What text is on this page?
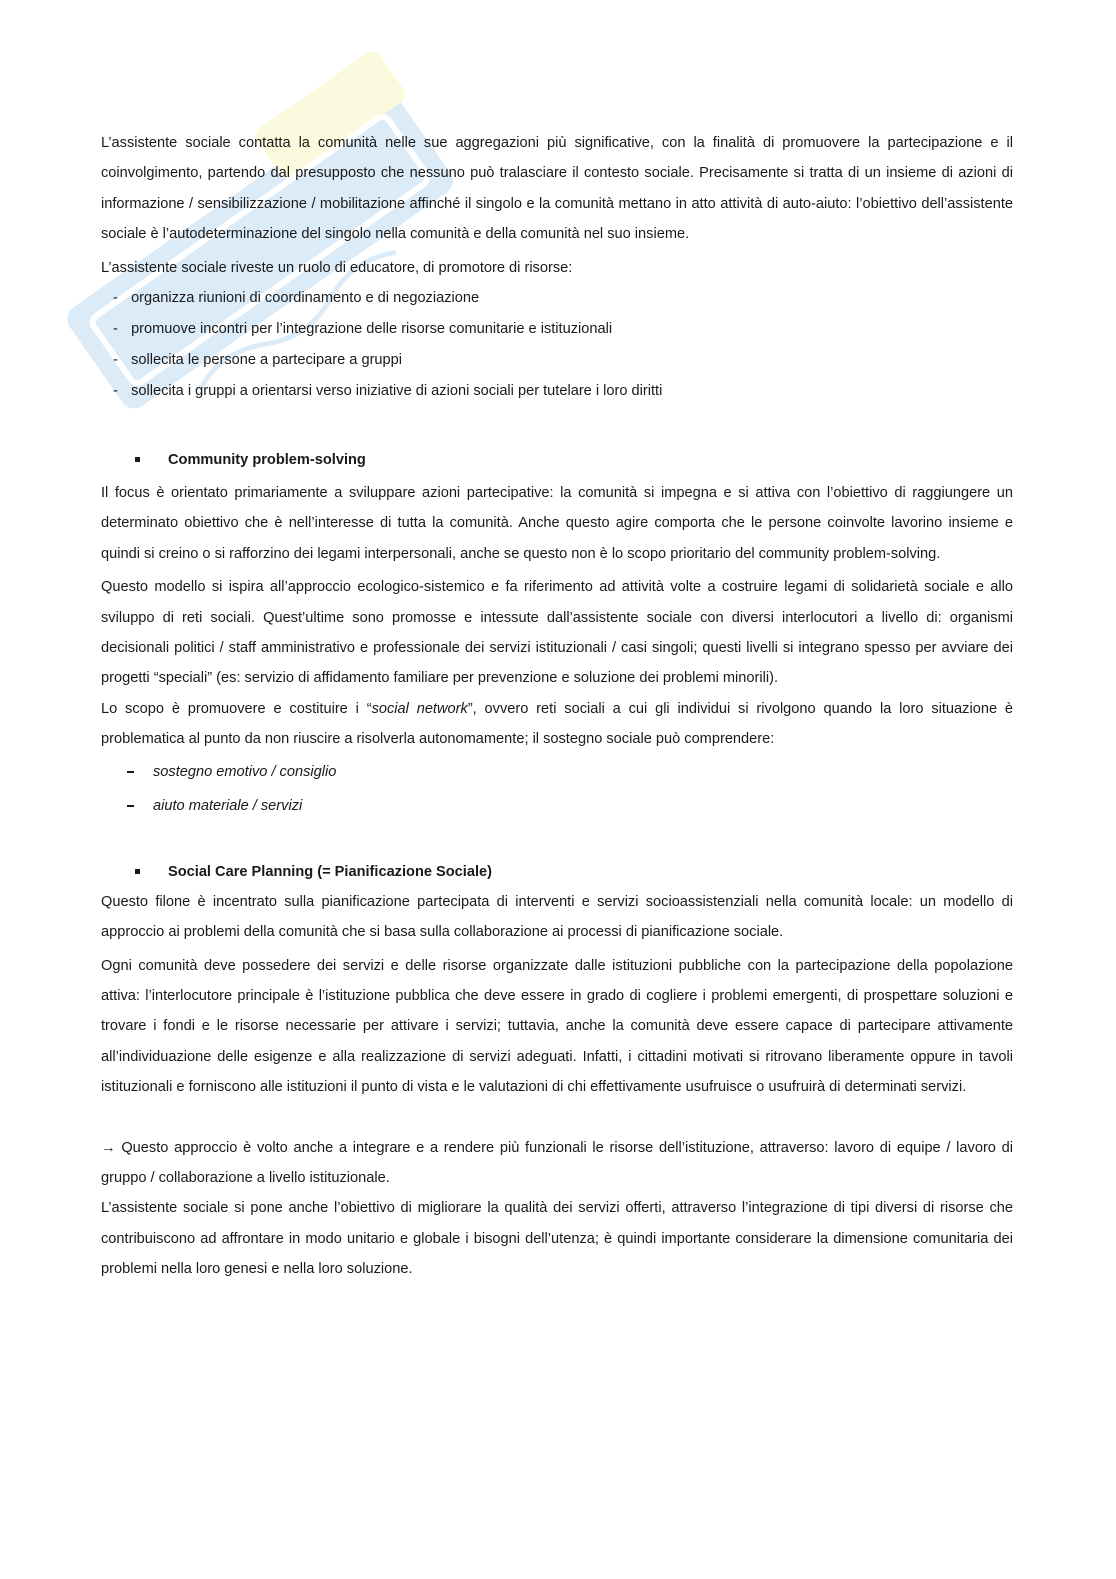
L’assistente sociale contatta la comunità nelle sue aggregazioni più significative, con la finalità di promuovere la partecipazione e il coinvolgimento, partendo dal presupposto che nessuno può tralasciare il contesto sociale. Precisamente si tratta di un insieme di azioni di informazione / sensibilizzazione / mobilitazione affinché il singolo e la comunità mettano in atto attività di auto-aiuto: l’obiettivo dell’assistente sociale è l’autodeterminazione del singolo nella comunità e della comunità nel suo insieme.

L’assistente sociale riveste un ruolo di educatore, di promotore di risorse:

- organizza riunioni di coordinamento e di negoziazione
- promuove incontri per l’integrazione delle risorse comunitarie e istituzionali
- sollecita le persone a partecipare a gruppi
- sollecita i gruppi a orientarsi verso iniziative di azioni sociali per tutelare i loro diritti

Community problem-solving

Il focus è orientato primariamente a sviluppare azioni partecipative: la comunità si impegna e si attiva con l’obiettivo di raggiungere un determinato obiettivo che è nell’interesse di tutta la comunità. Anche questo agire comporta che le persone coinvolte lavorino insieme e quindi si creino o si rafforzino dei legami interpersonali, anche se questo non è lo scopo prioritario del community problem-solving.

Questo modello si ispira all’approccio ecologico-sistemico e fa riferimento ad attività volte a costruire legami di solidarietà sociale e allo sviluppo di reti sociali. Quest’ultime sono promosse e intessute dall’assistente sociale con diversi interlocutori a livello di: organismi decisionali politici / staff amministrativo e professionale dei servizi istituzionali / casi singoli; questi livelli si integrano spesso per avviare dei progetti “speciali” (es: servizio di affidamento familiare per prevenzione e soluzione dei problemi minorili).

Lo scopo è promuovere e costituire i “social network”, ovvero reti sociali a cui gli individui si rivolgono quando la loro situazione è problematica al punto da non riuscire a risolverla autonomamente; il sostegno sociale può comprendere:

sostegno emotivo / consiglio
aiuto materiale / servizi

Social Care Planning (= Pianificazione Sociale)

Questo filone è incentrato sulla pianificazione partecipata di interventi e servizi socioassistenziali nella comunità locale: un modello di approccio ai problemi della comunità che si basa sulla collaborazione ai processi di pianificazione sociale.

Ogni comunità deve possedere dei servizi e delle risorse organizzate dalle istituzioni pubbliche con la partecipazione della popolazione attiva: l’interlocutore principale è l’istituzione pubblica che deve essere in grado di cogliere i problemi emergenti, di prospettare soluzioni e trovare i fondi e le risorse necessarie per attivare i servizi; tuttavia, anche la comunità deve essere capace di partecipare attivamente all’individuazione delle esigenze e alla realizzazione di servizi adeguati. Infatti, i cittadini motivati si ritrovano liberamente oppure in tavoli istituzionali e forniscono alle istituzioni il punto di vista e le valutazioni di chi effettivamente usufruisce o usufruirà di determinati servizi.

→ Questo approccio è volto anche a integrare e a rendere più funzionali le risorse dell’istituzione, attraverso: lavoro di equipe / lavoro di gruppo / collaborazione a livello istituzionale.

L’assistente sociale si pone anche l’obiettivo di migliorare la qualità dei servizi offerti, attraverso l’integrazione di tipi diversi di risorse che contribuiscono ad affrontare in modo unitario e globale i bisogni dell’utenza; è quindi importante considerare la dimensione comunitaria dei problemi nella loro genesi e nella loro soluzione.
